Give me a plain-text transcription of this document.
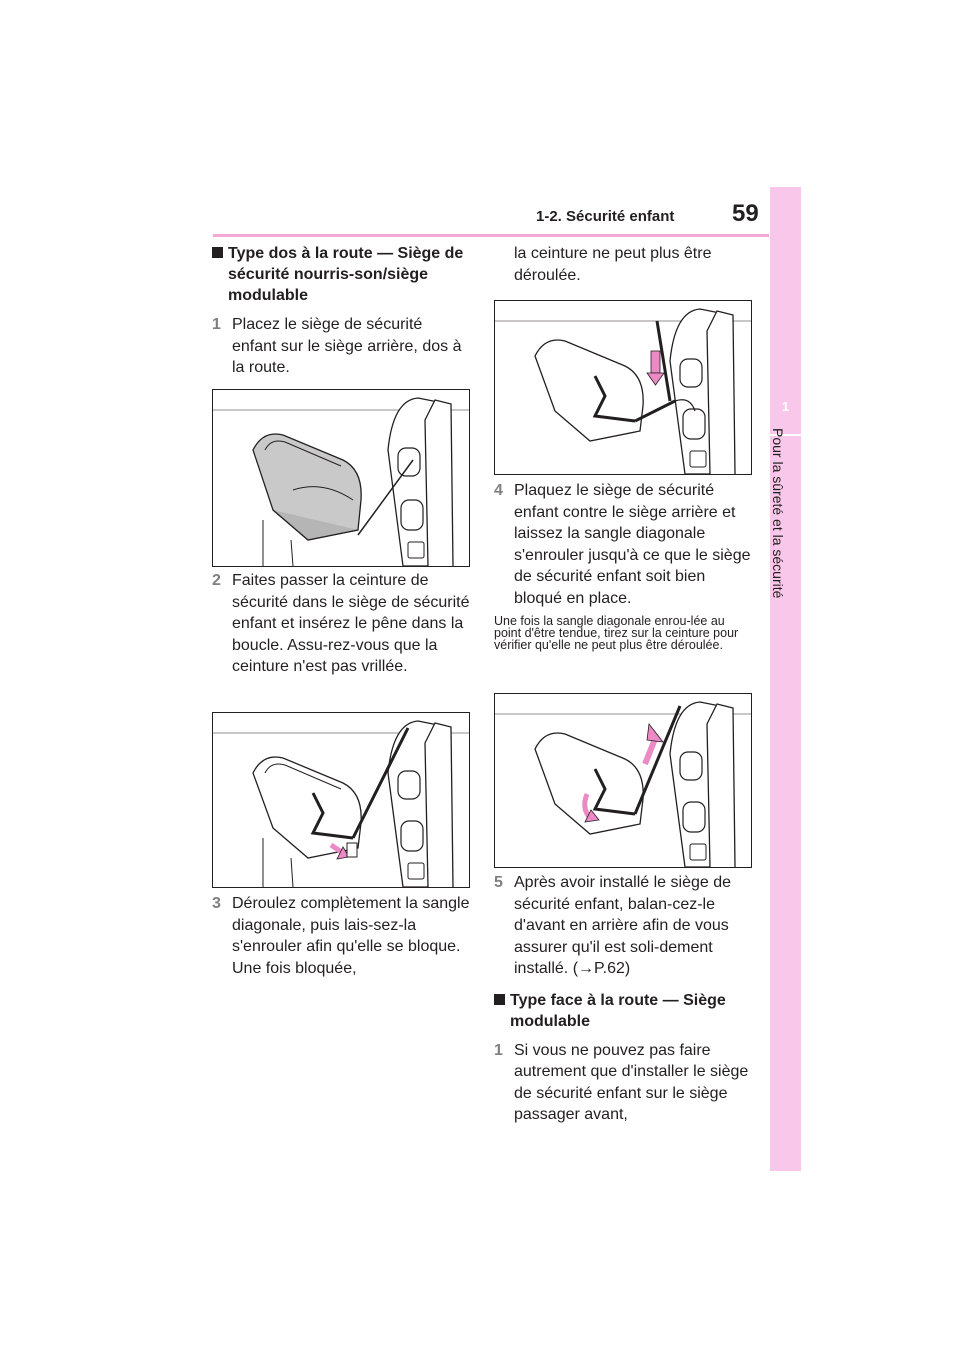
1-2. Sécurité enfant 59
1
Pour la sûreté et la sécurité

Type dos à la route — Siège de sécurité nourris-son/siège modulable

1 Placez le siège de sécurité enfant sur le siège arrière, dos à la route.

2 Faites passer la ceinture de sécurité dans le siège de sécurité enfant et insérez le pêne dans la boucle. Assu-rez-vous que la ceinture n'est pas vrillée.

3 Déroulez complètement la sangle diagonale, puis lais-sez-la s'enrouler afin qu'elle se bloque. Une fois bloquée,

la ceinture ne peut plus être déroulée.

4 Plaquez le siège de sécurité enfant contre le siège arrière et laissez la sangle diagonale s'enrouler jusqu'à ce que le siège de sécurité enfant soit bien bloqué en place.

Une fois la sangle diagonale enrou-lée au point d'être tendue, tirez sur la ceinture pour vérifier qu'elle ne peut plus être déroulée.

5 Après avoir installé le siège de sécurité enfant, balan-cez-le d'avant en arrière afin de vous assurer qu'il est soli-dement installé. (→P.62)

Type face à la route — Siège modulable

1 Si vous ne pouvez pas faire autrement que d'installer le siège de sécurité enfant sur le siège passager avant,
